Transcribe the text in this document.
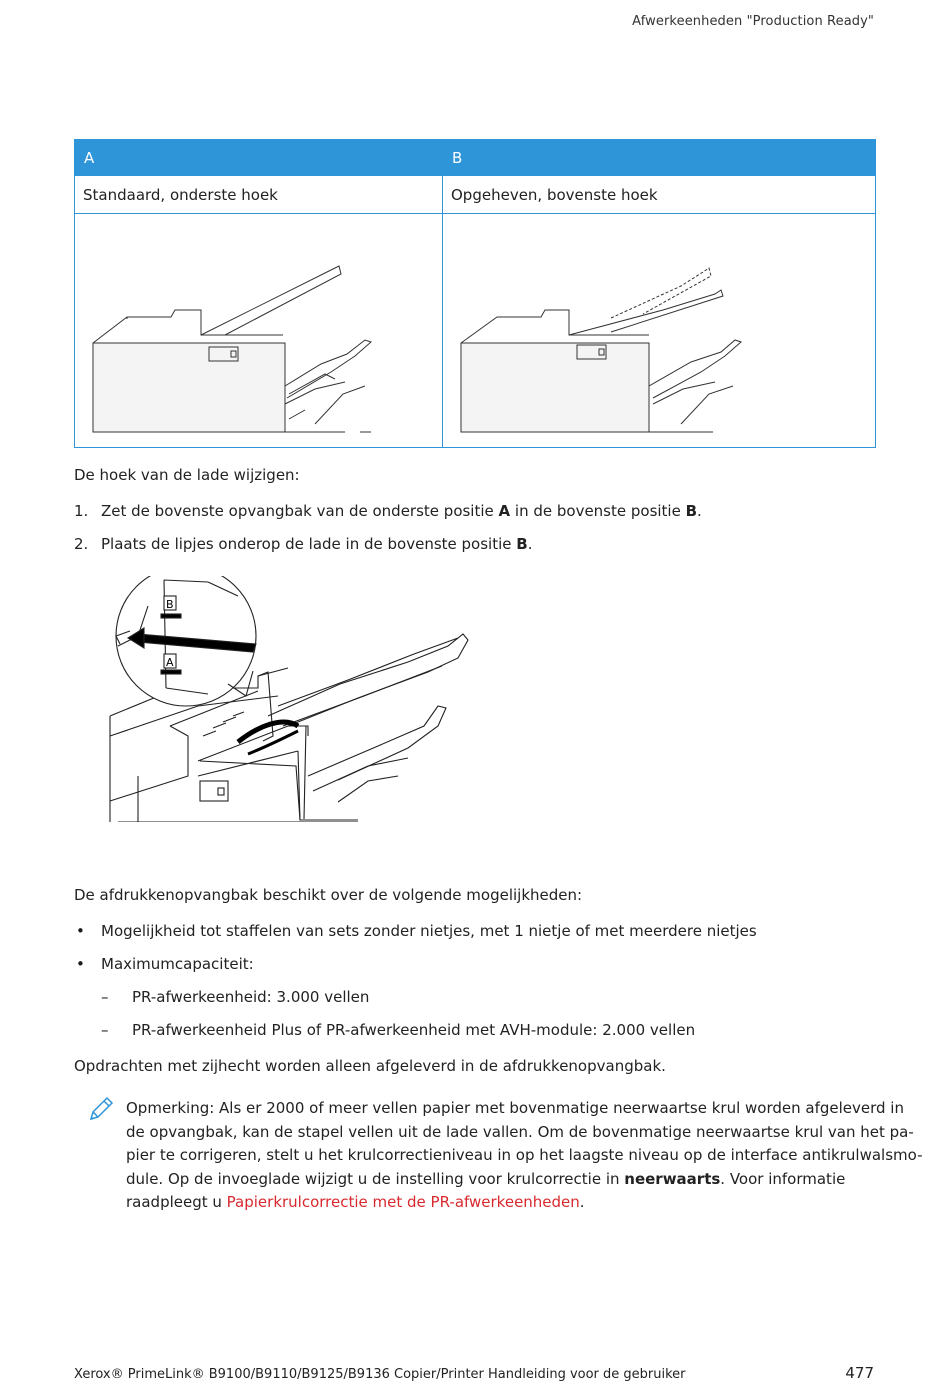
Afwerkeenheden "Production Ready"
A	B
Standaard, onderste hoek	Opgeheven, bovenste hoek

De hoek van de lade wijzigen:
1. Zet de bovenste opvangbak van de onderste positie A in de bovenste positie B.
2. Plaats de lipjes onderop de lade in de bovenste positie B.
B
A
De afdrukkenopvangbak beschikt over de volgende mogelijkheden:
• Mogelijkheid tot staffelen van sets zonder nietjes, met 1 nietje of met meerdere nietjes
• Maximumcapaciteit:
– PR-afwerkeenheid: 3.000 vellen
– PR-afwerkeenheid Plus of PR-afwerkeenheid met AVH-module: 2.000 vellen
Opdrachten met zijhecht worden alleen afgeleverd in de afdrukkenopvangbak.
Opmerking: Als er 2000 of meer vellen papier met bovenmatige neerwaartse krul worden afgeleverd in
de opvangbak, kan de stapel vellen uit de lade vallen. Om de bovenmatige neerwaartse krul van het pa-
pier te corrigeren, stelt u het krulcorrectieniveau in op het laagste niveau op de interface antikrulwalsmo-
dule. Op de invoeglade wijzigt u de instelling voor krulcorrectie in neerwaarts. Voor informatie
raadpleegt u Papierkrulcorrectie met de PR-afwerkeenheden.
Xerox® PrimeLink® B9100/B9110/B9125/B9136 Copier/Printer Handleiding voor de gebruiker	477
